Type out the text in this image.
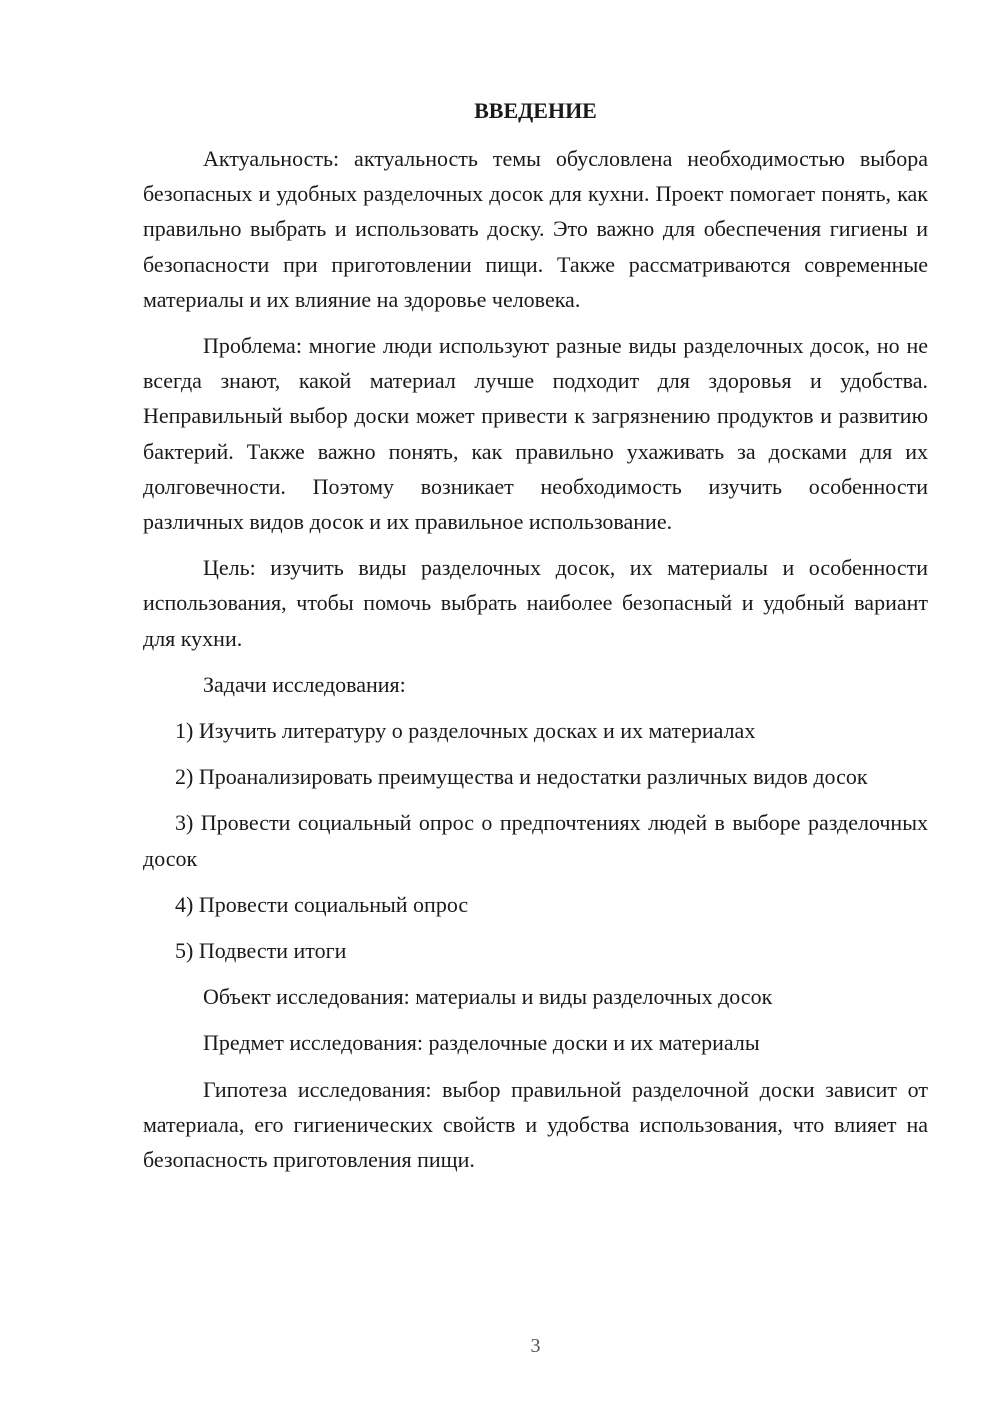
ВВЕДЕНИЕ

Актуальность: актуальность темы обусловлена необходимостью выбора безопасных и удобных разделочных досок для кухни. Проект помогает понять, как правильно выбрать и использовать доску. Это важно для обеспечения гигиены и безопасности при приготовлении пищи. Также рассматриваются современные материалы и их влияние на здоровье человека.

Проблема: многие люди используют разные виды разделочных досок, но не всегда знают, какой материал лучше подходит для здоровья и удобства. Неправильный выбор доски может привести к загрязнению продуктов и развитию бактерий. Также важно понять, как правильно ухаживать за досками для их долговечности. Поэтому возникает необходимость изучить особенности различных видов досок и их правильное использование.

Цель: изучить виды разделочных досок, их материалы и особенности использования, чтобы помочь выбрать наиболее безопасный и удобный вариант для кухни.

Задачи исследования:

1) Изучить литературу о разделочных досках и их материалах

2) Проанализировать преимущества и недостатки различных видов досок

3) Провести социальный опрос о предпочтениях людей в выборе разделочных досок

4) Провести социальный опрос

5) Подвести итоги

Объект исследования: материалы и виды разделочных досок

Предмет исследования: разделочные доски и их материалы

Гипотеза исследования: выбор правильной разделочной доски зависит от материала, его гигиенических свойств и удобства использования, что влияет на безопасность приготовления пищи.

3
